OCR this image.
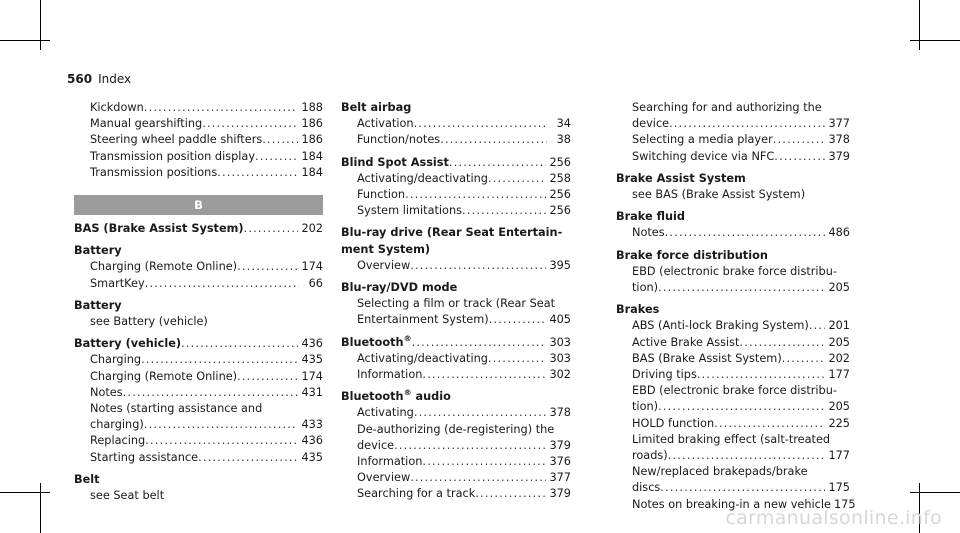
560 Index
Kickdown . . .	188
Manual gearshifting . . .	186
Steering wheel paddle shifters . . .	186
Transmission position display . . .	184
Transmission positions . . .	184
B
BAS (Brake Assist System) . . .	202
Battery
Charging (Remote Online) . . .	174
SmartKey . . .	66
Battery
see Battery (vehicle)
Battery (vehicle) . . .	436
Charging . . .	435
Charging (Remote Online) . . .	174
Notes . . .	431
Notes (starting assistance and
charging) . . .	433
Replacing . . .	436
Starting assistance . . .	435
Belt
see Seat belt
Belt airbag
Activation . . .	34
Function/notes . . .	38
Blind Spot Assist . . .	256
Activating/deactivating . . .	258
Function . . .	256
System limitations . . .	256
Blu-ray drive (Rear Seat Entertain-
ment System)
Overview . . .	395
Blu-ray/DVD mode
Selecting a film or track (Rear Seat
Entertainment System) . . .	405
Bluetooth® . . .	303
Activating/deactivating . . .	303
Information . . .	302
Bluetooth® audio
Activating . . .	378
De-authorizing (de-registering) the
device . . .	379
Information . . .	376
Overview . . .	377
Searching for a track . . .	379
Searching for and authorizing the
device . . .	377
Selecting a media player . . .	378
Switching device via NFC . . .	379
Brake Assist System
see BAS (Brake Assist System)
Brake fluid
Notes . . .	486
Brake force distribution
EBD (electronic brake force distribu-
tion) . . .	205
Brakes
ABS (Anti-lock Braking System) . . . 201
Active Brake Assist . . .	205
BAS (Brake Assist System) . . .	202
Driving tips . . .	177
EBD (electronic brake force distribu-
tion) . . .	205
HOLD function . . .	225
Limited braking effect (salt-treated
roads) . . .	177
New/replaced brakepads/brake
discs . . .	175
Notes on breaking-in a new vehicle 175
carmanualsonline.info
